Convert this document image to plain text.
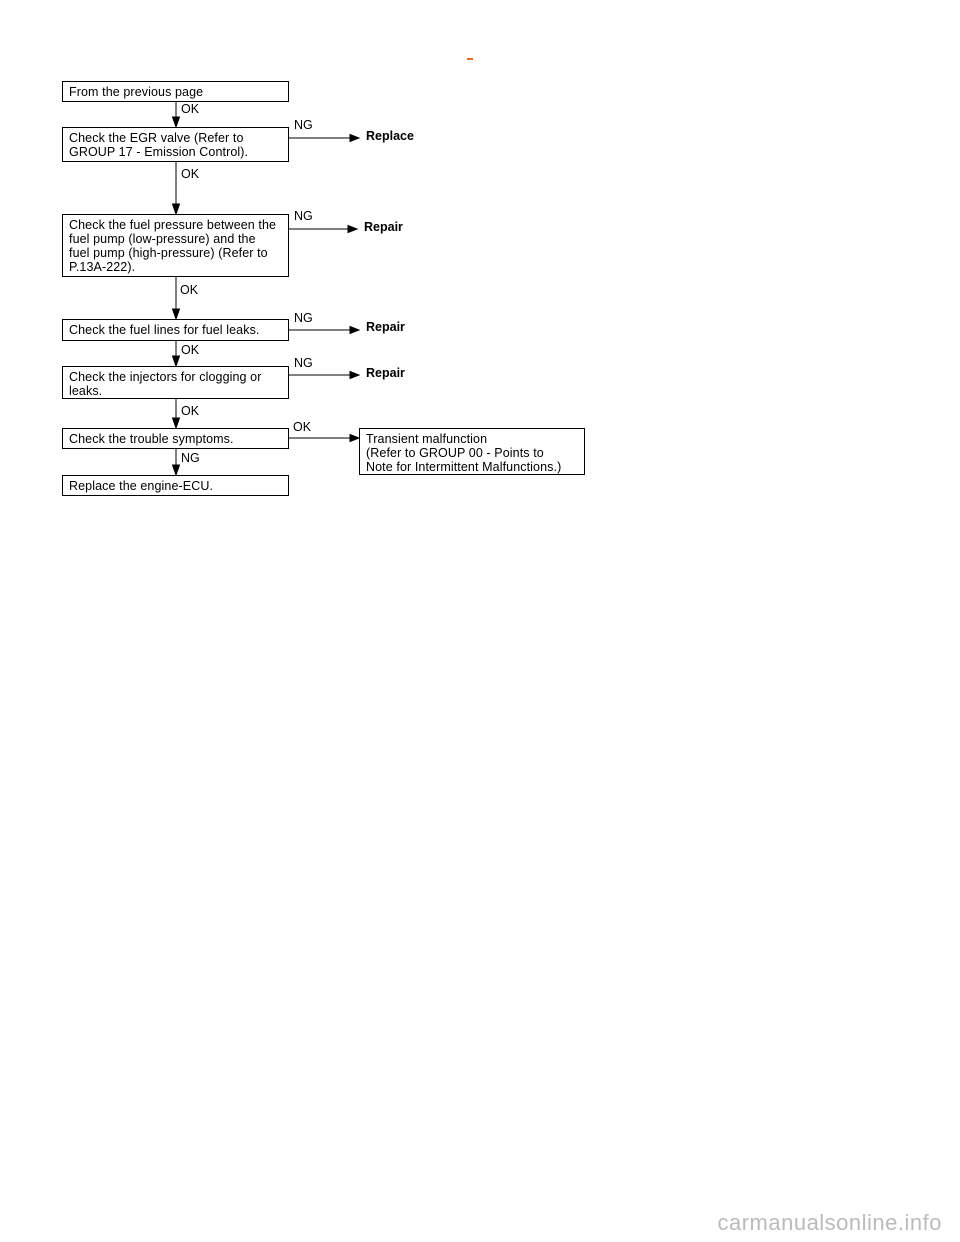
From the previous page
Check the EGR valve (Refer to
GROUP 17 - Emission Control).
Check the fuel pressure between the
fuel pump (low-pressure) and the
fuel pump (high-pressure) (Refer to
P.13A-222).
Check the fuel lines for fuel leaks.
Check the injectors for clogging or
leaks.
Check the trouble symptoms.
Replace the engine-ECU.
Transient malfunction
(Refer to GROUP 00 - Points to
Note for Intermittent Malfunctions.)
OK
OK
OK
OK
OK
NG
NG
NG
NG
NG
OK
Replace
Repair
Repair
Repair
carmanualsonline.info
